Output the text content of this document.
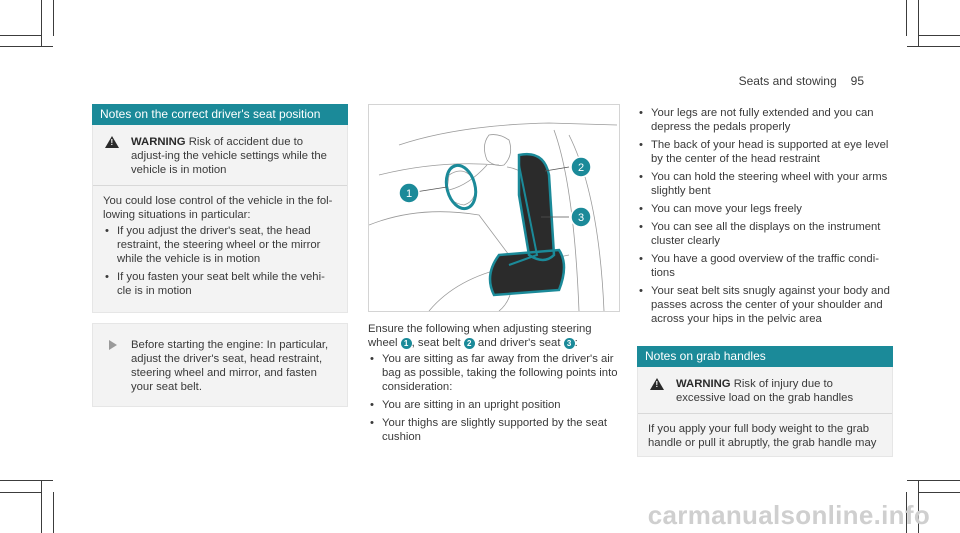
Seats and stowing 95
Notes on the correct driver's seat position
! WARNING Risk of accident due to adjust-ing the vehicle settings while the vehicle is in motion
You could lose control of the vehicle in the fol-lowing situations in particular:
• If you adjust the driver's seat, the head restraint, the steering wheel or the mirror while the vehicle is in motion
• If you fasten your seat belt while the vehi-cle is in motion
Before starting the engine: In particular, adjust the driver's seat, head restraint, steering wheel and mirror, and fasten your seat belt.
1
2
3
Ensure the following when adjusting steering wheel 1 , seat belt 2 and driver's seat 3 :
• You are sitting as far away from the driver's air bag as possible, taking the following points into consideration:
• You are sitting in an upright position
• Your thighs are slightly supported by the seat cushion
• Your legs are not fully extended and you can depress the pedals properly
• The back of your head is supported at eye level by the center of the head restraint
• You can hold the steering wheel with your arms slightly bent
• You can move your legs freely
• You can see all the displays on the instrument cluster clearly
• You have a good overview of the traffic condi-tions
• Your seat belt sits snugly against your body and passes across the center of your shoulder and across your hips in the pelvic area
Notes on grab handles
! WARNING Risk of injury due to excessive load on the grab handles
If you apply your full body weight to the grab handle or pull it abruptly, the grab handle may
carmanualsonline.info
